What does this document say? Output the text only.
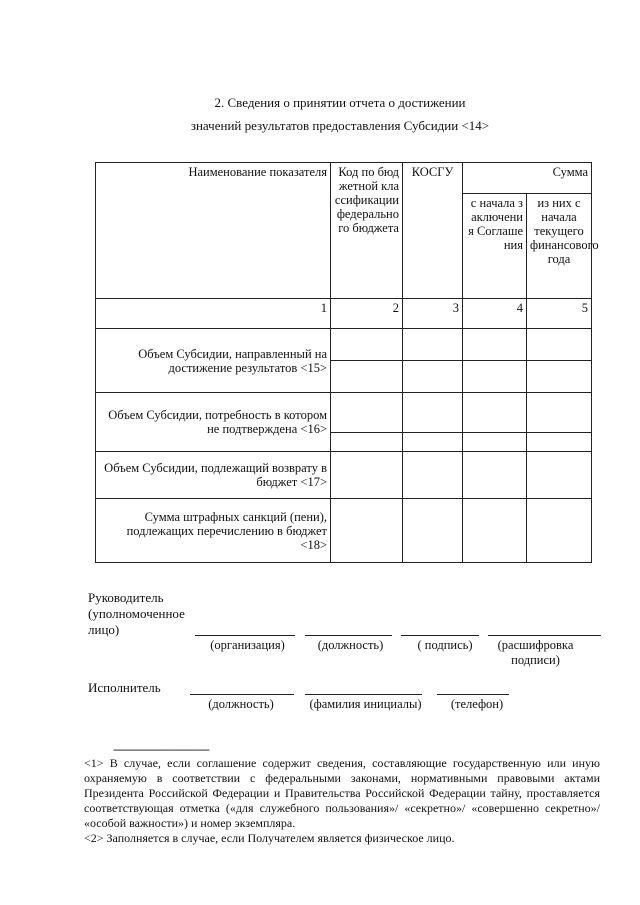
2. Сведения о принятии отчета о достижении
значений результатов предоставления Субсидии <14>
Наименование показателя	Код по бюджетной классификации федерального бюджета	КОСГУ	Сумма	
			с начала заключения Соглашения	из них с начала текущего финансового года
1	2	3	4	5
Объем Субсидии, направленный на достижение результатов <15>				

Объем Субсидии, потребность в котором не подтверждена <16>				

Объем Субсидии, подлежащий возврату в бюджет <17>				
Сумма штрафных санкций (пени), подлежащих перечислению в бюджет <18>				
Руководитель (уполномоченное лицо)
(организация)	(должность)	( подпись)	(расшифровка подписи)
Исполнитель
(должность)	(фамилия инициалы)	(телефон)
--------------------------------
<1> В случае, если соглашение содержит сведения, составляющие государственную или иную охраняемую в соответствии с федеральными законами, нормативными правовыми актами Президента Российской Федерации и Правительства Российской Федерации тайну, проставляется соответствующая отметка («для служебного пользования»/ «секретно»/ «совершенно секретно»/ «особой важности») и номер экземпляра.
<2> Заполняется в случае, если Получателем является физическое лицо.
